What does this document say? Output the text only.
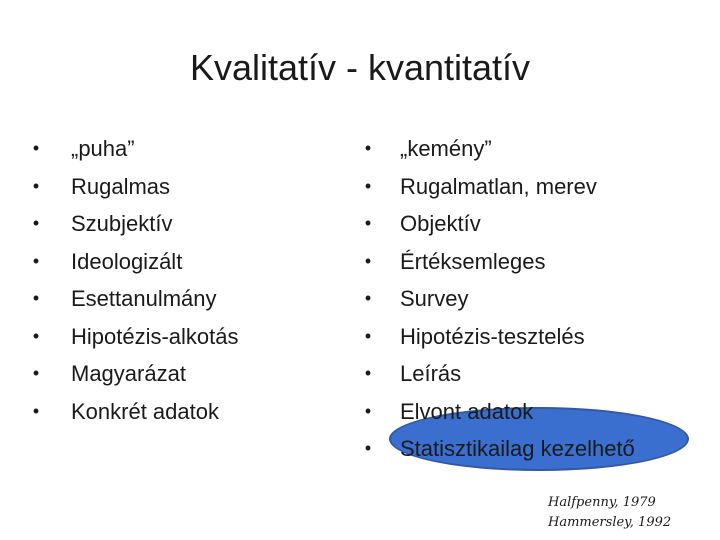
Kvalitatív - kvantitatív
• „puha”
• Rugalmas
• Szubjektív
• Ideologizált
• Esettanulmány
• Hipotézis-alkotás
• Magyarázat
• Konkrét adatok
• „kemény”
• Rugalmatlan, merev
• Objektív
• Értéksemleges
• Survey
• Hipotézis-tesztelés
• Leírás
• Elvont adatok
• Statisztikailag kezelhető
Halfpenny, 1979
Hammersley, 1992
